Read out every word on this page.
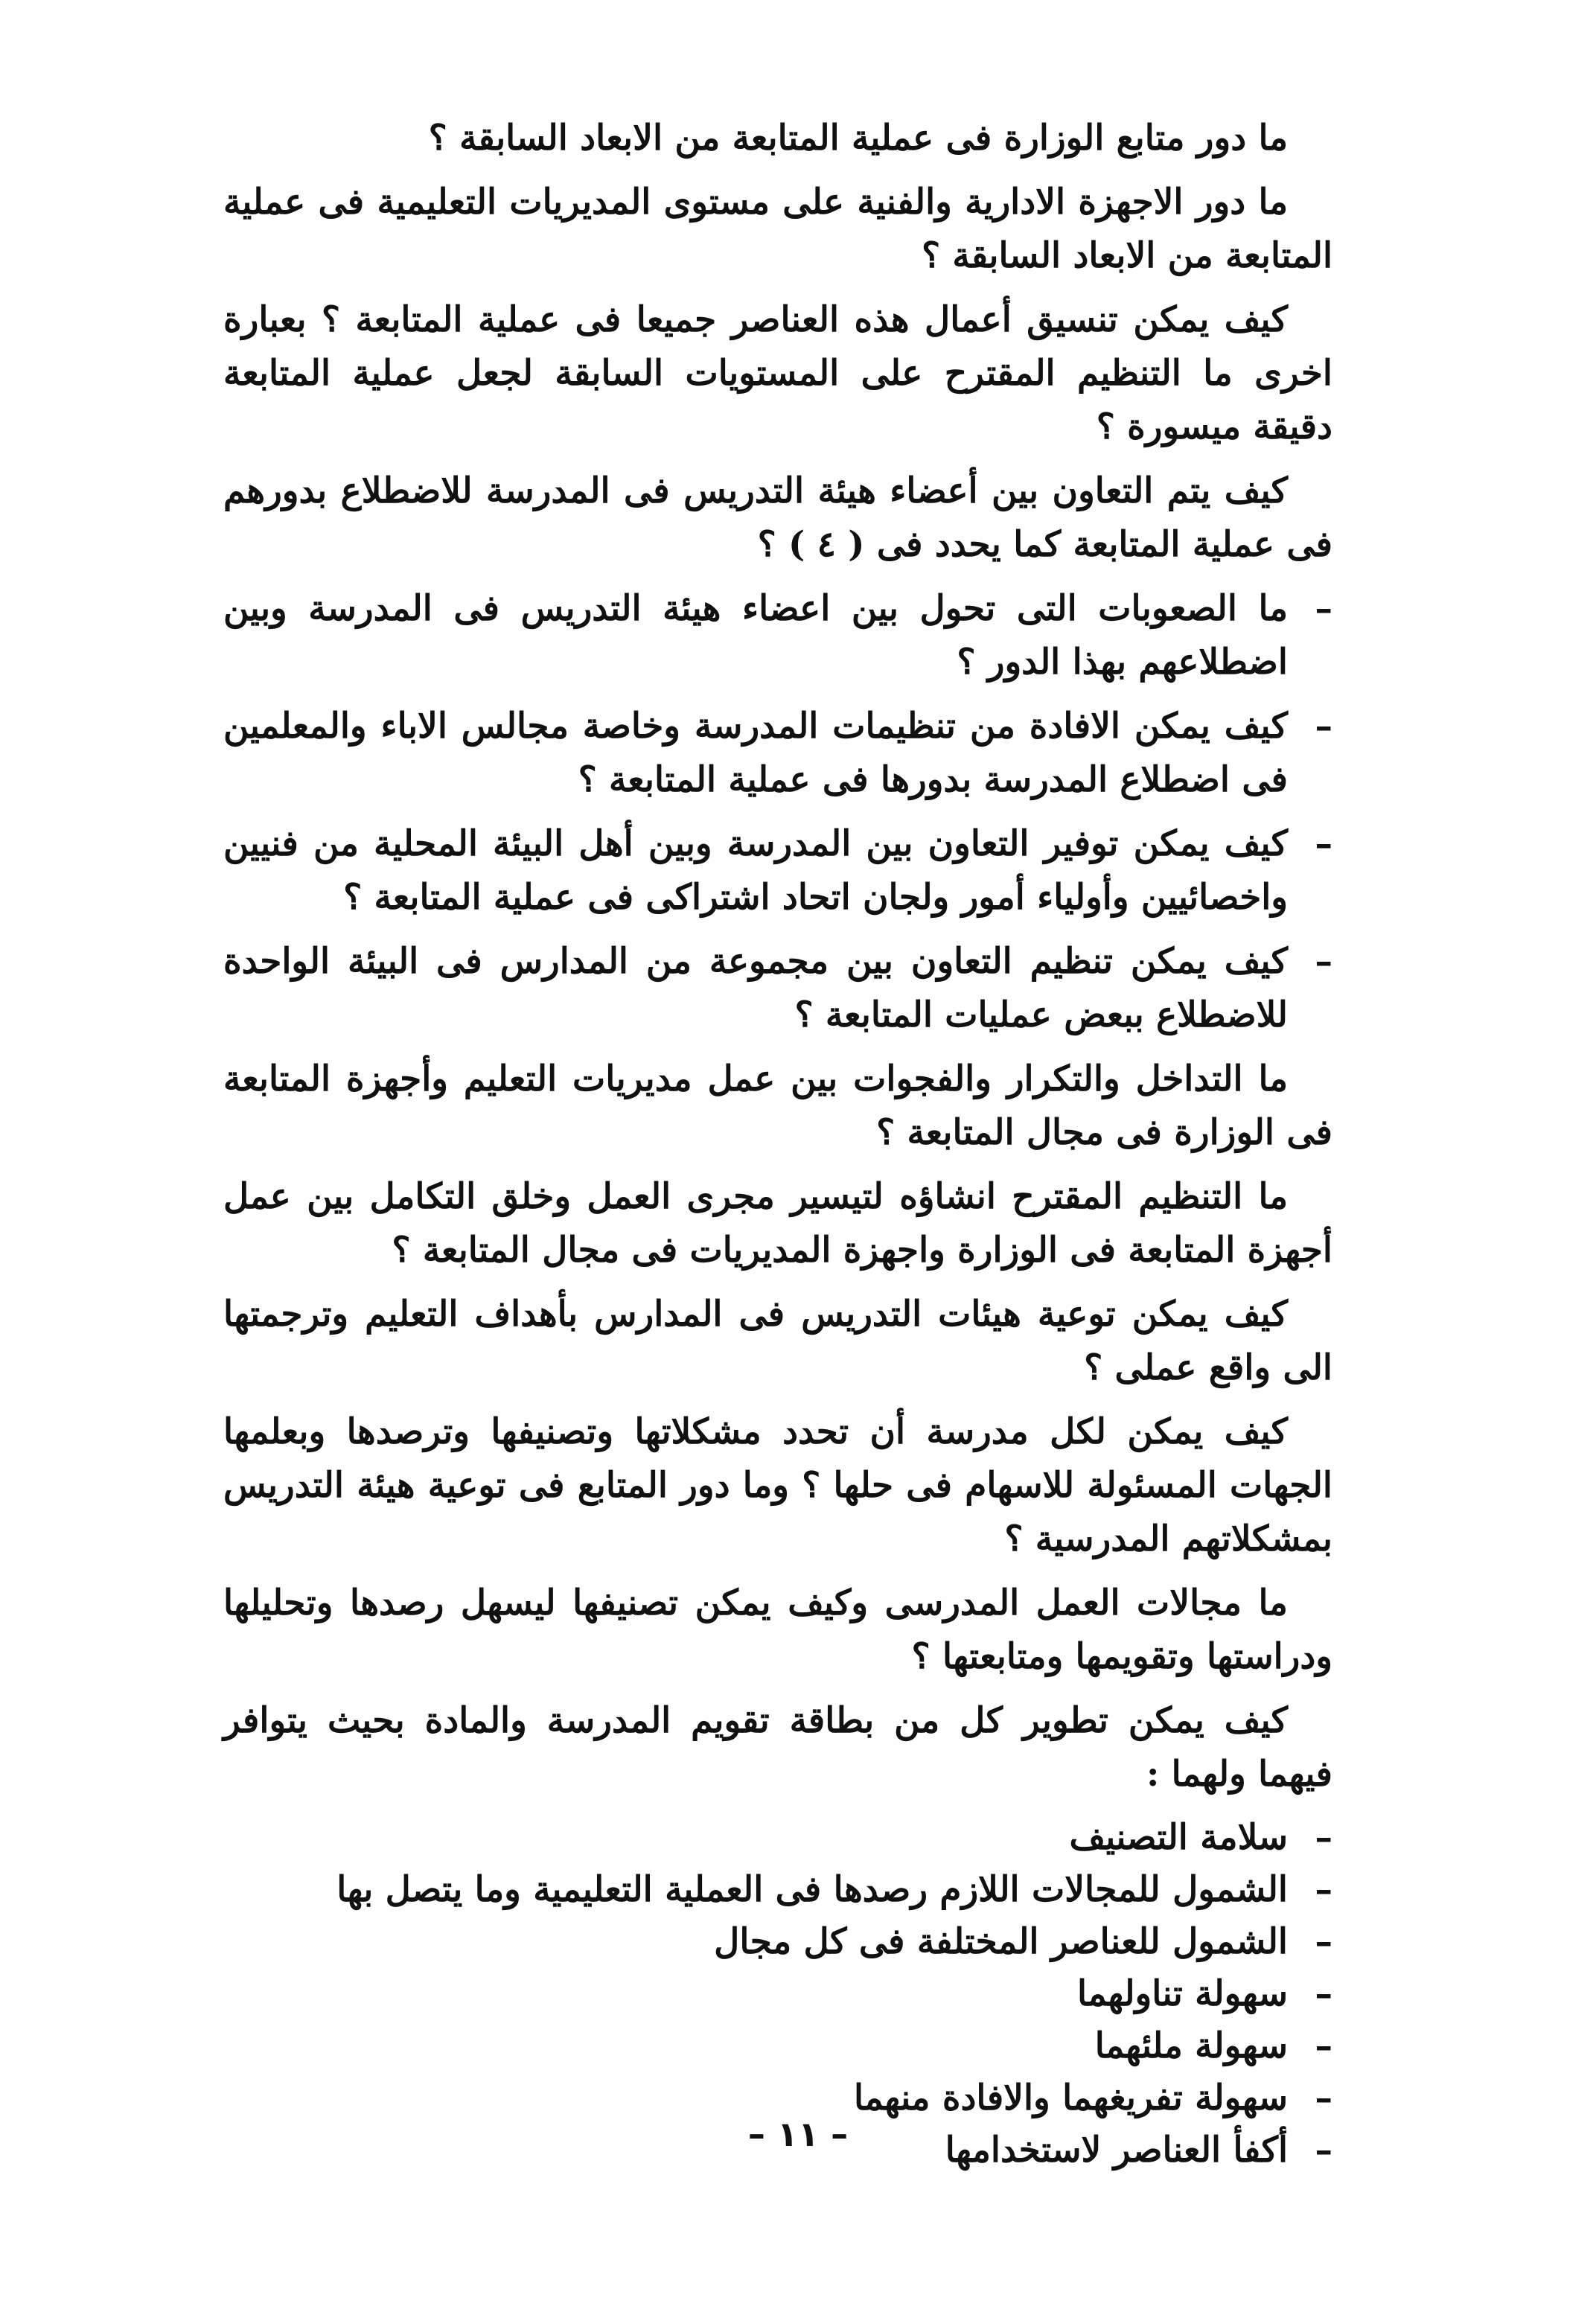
ما دور متابع الوزارة فى عملية المتابعة من الابعاد السابقة ؟

ما دور الاجهزة الادارية والفنية على مستوى المديريات التعليمية فى عملية المتابعة من الابعاد السابقة ؟

كيف يمكن تنسيق أعمال هذه العناصر جميعا فى عملية المتابعة ؟ بعبارة اخرى ما التنظيم المقترح على المستويات السابقة لجعل عملية المتابعة دقيقة ميسورة ؟

كيف يتم التعاون بين أعضاء هيئة التدريس فى المدرسة للاضطلاع بدورهم فى عملية المتابعة كما يحدد فى ( ٤ ) ؟

–
ما الصعوبات التى تحول بين اعضاء هيئة التدريس فى المدرسة وبين اضطلاعهم بهذا الدور ؟
–
كيف يمكن الافادة من تنظيمات المدرسة وخاصة مجالس الاباء والمعلمين فى اضطلاع المدرسة بدورها فى عملية المتابعة ؟
–
كيف يمكن توفير التعاون بين المدرسة وبين أهل البيئة المحلية من فنيين واخصائيين وأولياء أمور ولجان اتحاد اشتراكى فى عملية المتابعة ؟
–
كيف يمكن تنظيم التعاون بين مجموعة من المدارس فى البيئة الواحدة للاضطلاع ببعض عمليات المتابعة ؟

ما التداخل والتكرار والفجوات بين عمل مديريات التعليم وأجهزة المتابعة فى الوزارة فى مجال المتابعة ؟

ما التنظيم المقترح انشاؤه لتيسير مجرى العمل وخلق التكامل بين عمل أجهزة المتابعة فى الوزارة واجهزة المديريات فى مجال المتابعة ؟

كيف يمكن توعية هيئات التدريس فى المدارس بأهداف التعليم وترجمتها الى واقع عملى ؟

كيف يمكن لكل مدرسة أن تحدد مشكلاتها وتصنيفها وترصدها وبعلمها الجهات المسئولة للاسهام فى حلها ؟ وما دور المتابع فى توعية هيئة التدريس بمشكلاتهم المدرسية ؟

ما مجالات العمل المدرسى وكيف يمكن تصنيفها ليسهل رصدها وتحليلها ودراستها وتقويمها ومتابعتها ؟

كيف يمكن تطوير كل من بطاقة تقويم المدرسة والمادة بحيث يتوافر فيهما ولهما :

–
سلامة التصنيف
–
الشمول للمجالات اللازم رصدها فى العملية التعليمية وما يتصل بها
–
الشمول للعناصر المختلفة فى كل مجال
–
سهولة تناولهما
–
سهولة ملئهما
–
سهولة تفريغهما والافادة منهما
–
أكفأ العناصر لاستخدامها
– ١١ –
